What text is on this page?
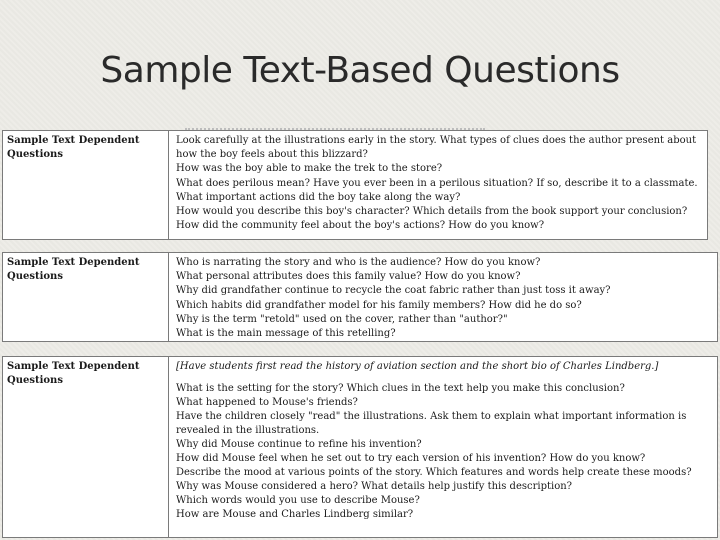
Sample Text-Based Questions
Sample Text Dependent Questions
Look carefully at the illustrations early in the story. What types of clues does the author present about
how the boy feels about this blizzard?
How was the boy able to make the trek to the store?
What does perilous mean? Have you ever been in a perilous situation? If so, describe it to a classmate.
What important actions did the boy take along the way?
How would you describe this boy's character? Which details from the book support your conclusion?
How did the community feel about the boy's actions? How do you know?
Sample Text Dependent Questions
Who is narrating the story and who is the audience? How do you know?
What personal attributes does this family value? How do you know?
Why did grandfather continue to recycle the coat fabric rather than just toss it away?
Which habits did grandfather model for his family members? How did he do so?
Why is the term "retold" used on the cover, rather than "author?"
What is the main message of this retelling?
Sample Text Dependent Questions
[Have students first read the history of aviation section and the short bio of Charles Lindberg.]
What is the setting for the story? Which clues in the text help you make this conclusion?
What happened to Mouse's friends?
Have the children closely "read" the illustrations. Ask them to explain what important information is
revealed in the illustrations.
Why did Mouse continue to refine his invention?
How did Mouse feel when he set out to try each version of his invention? How do you know?
Describe the mood at various points of the story. Which features and words help create these moods?
Why was Mouse considered a hero? What details help justify this description?
Which words would you use to describe Mouse?
How are Mouse and Charles Lindberg similar?
